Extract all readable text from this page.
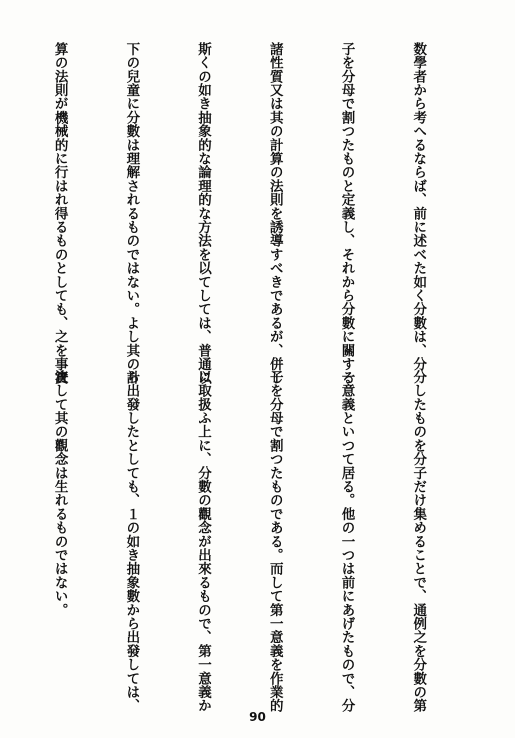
数學者から考へるならば、前に述べた如く分數は、分

子を分母で割つたものと定義し、それから分數に關する

諸性質又は其の計算の法則を誘導すべきであるが、併し

斯くの如き抽象的な論理的な方法を以てしては、普通以

下の兒童に分數は理解されるものではない。よし其の計

算の法則が機械的に行はれ得るものとしても、之を事實

分したものを分子だけ集めることで、通例之を分數の第

一意義といつて居る。他の一つは前にあげたもので、分

子を分母で割つたものである。而して第一意義を作業的

に取扱ふ上に、分數の觀念が出來るもので、第一意義か

ら出發したとしても、１の如き抽象數から出發しては、

決して其の觀念は生れるものではない。

90
